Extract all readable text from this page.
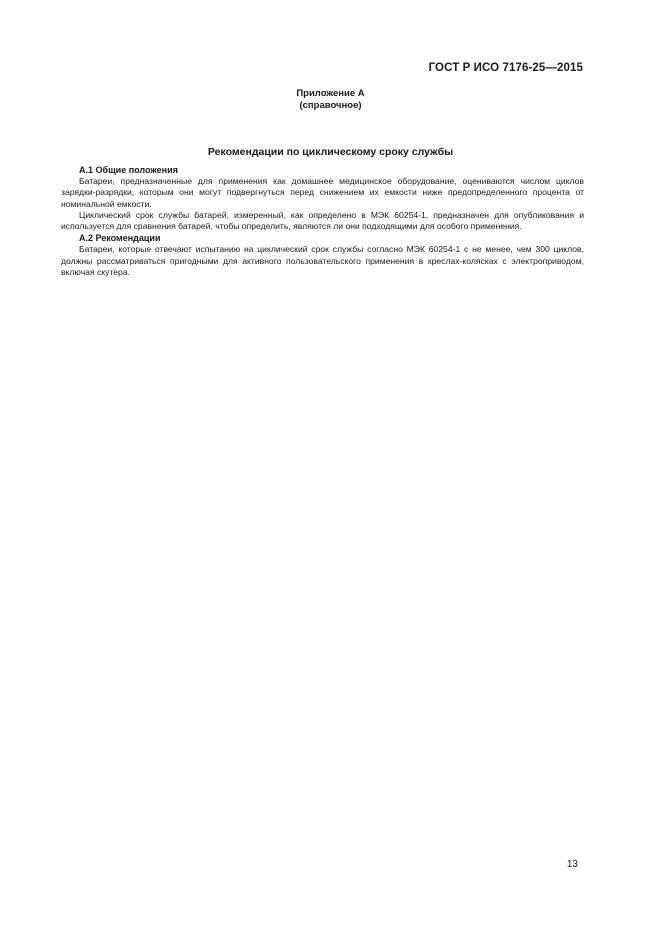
ГОСТ Р ИСО 7176-25—2015
Приложение А
(справочное)
Рекомендации по циклическому сроку службы

А.1 Общие положения

Батареи, предназначенные для применения как домашнее медицинское оборудование, оцениваются числом циклов зарядки-разрядки, которым они могут подвергнуться перед снижением их емкости ниже предопределенного процента от номинальной емкости.

Циклический срок службы батарей, измеренный, как определено в МЭК 60254-1, предназначен для опубликования и используется для сравнения батарей, чтобы определить, являются ли они подходящими для особого применения.

А.2 Рекомендации

Батареи, которые отвечают испытанию на циклический срок службы согласно МЭК 60254-1 с не менее, чем 300 циклов, должны рассматриваться пригодными для активного пользовательского применения в креслах-колясках с электроприводом, включая скутера.

13
